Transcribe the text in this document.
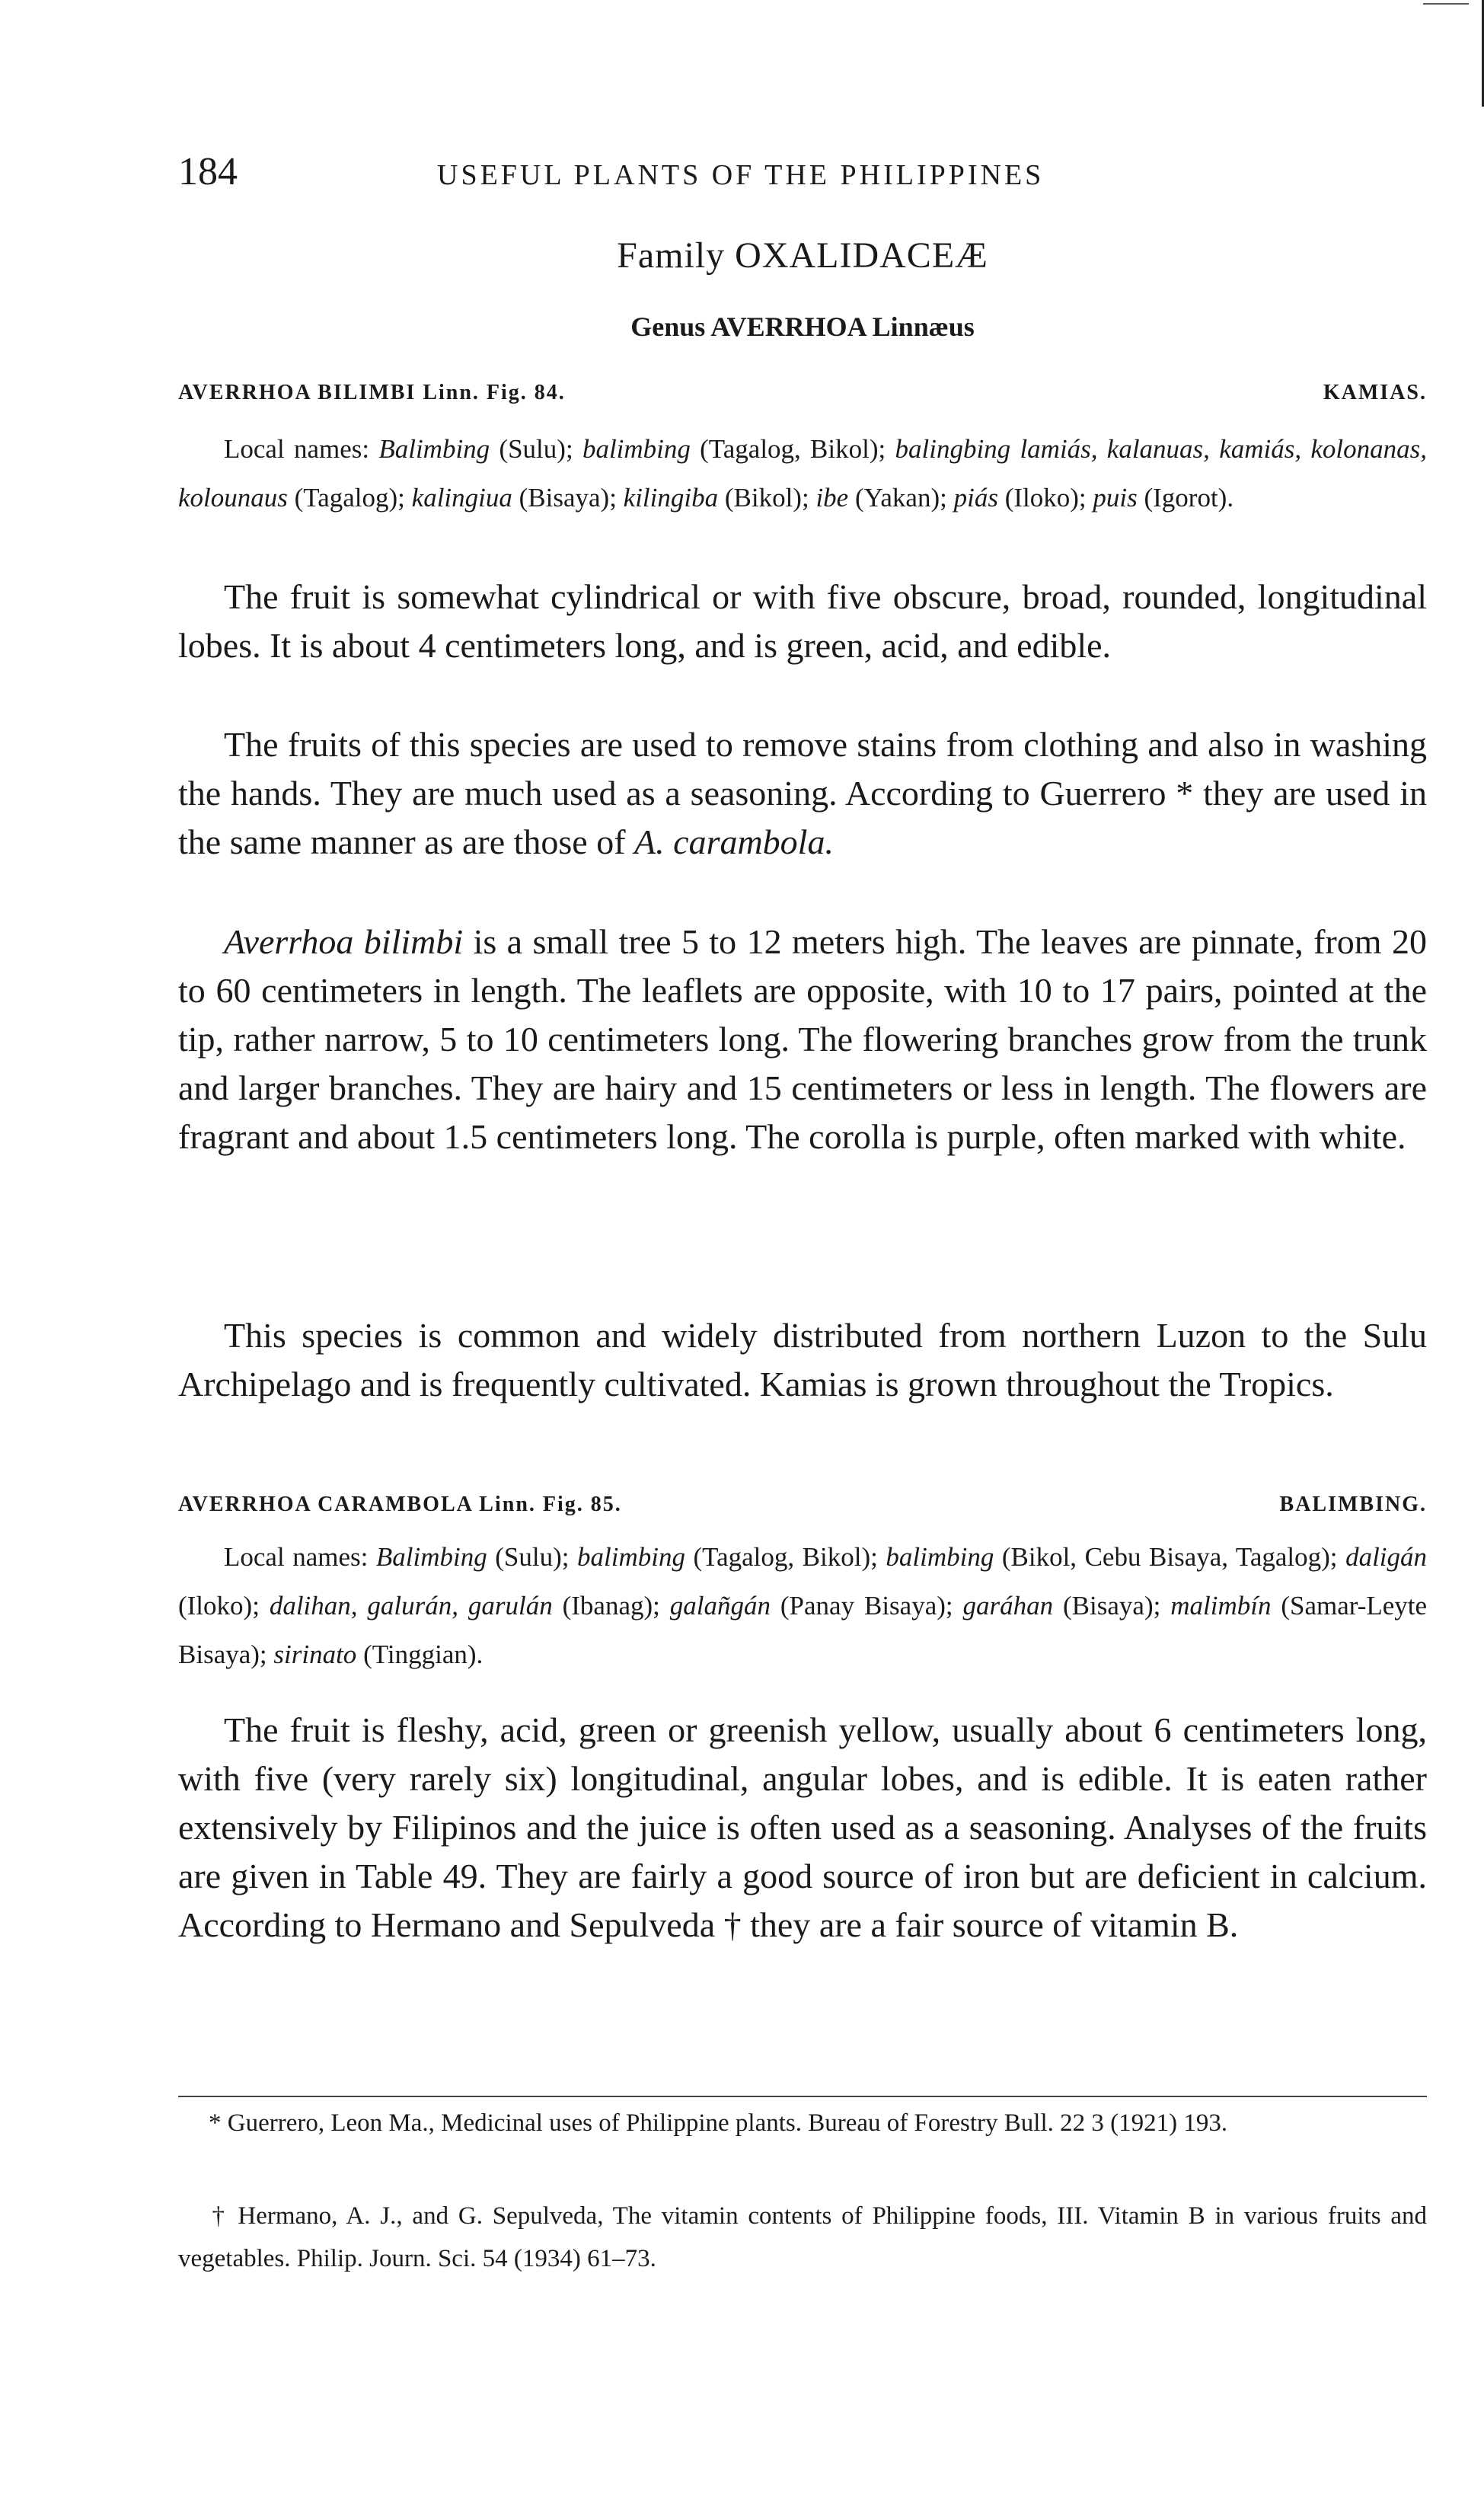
184	USEFUL PLANTS OF THE PHILIPPINES
Family OXALIDACEÆ
Genus AVERRHOA Linnæus
AVERRHOA BILIMBI Linn. Fig. 84.	KAMIAS.
Local names: Balimbing (Sulu); balimbing (Tagalog, Bikol); balingbing lamiás, kalanuas, kamiás, kolonanas, kolounaus (Tagalog); kalingiua (Bisaya); kilingiba (Bikol); ibe (Yakan); piás (Iloko); puis (Igorot).
The fruit is somewhat cylindrical or with five obscure, broad, rounded, longitudinal lobes. It is about 4 centimeters long, and is green, acid, and edible.
The fruits of this species are used to remove stains from clothing and also in washing the hands. They are much used as a seasoning. According to Guerrero * they are used in the same manner as are those of A. carambola.
Averrhoa bilimbi is a small tree 5 to 12 meters high. The leaves are pinnate, from 20 to 60 centimeters in length. The leaflets are opposite, with 10 to 17 pairs, pointed at the tip, rather narrow, 5 to 10 centimeters long. The flowering branches grow from the trunk and larger branches. They are hairy and 15 centimeters or less in length. The flowers are fragrant and about 1.5 centimeters long. The corolla is purple, often marked with white.
This species is common and widely distributed from northern Luzon to the Sulu Archipelago and is frequently cultivated. Kamias is grown throughout the Tropics.
AVERRHOA CARAMBOLA Linn. Fig. 85.	BALIMBING.
Local names: Balimbing (Sulu); balimbing (Tagalog, Bikol); balimbing (Bikol, Cebu Bisaya, Tagalog); daligán (Iloko); dalihan, galurán, garulán (Ibanag); galañgán (Panay Bisaya); garáhan (Bisaya); malimbín (Samar-Leyte Bisaya); sirinato (Tinggian).
The fruit is fleshy, acid, green or greenish yellow, usually about 6 centimeters long, with five (very rarely six) longitudinal, angular lobes, and is edible. It is eaten rather extensively by Filipinos and the juice is often used as a seasoning. Analyses of the fruits are given in Table 49. They are fairly a good source of iron but are deficient in calcium. According to Hermano and Sepulveda † they are a fair source of vitamin B.
* Guerrero, Leon Ma., Medicinal uses of Philippine plants. Bureau of Forestry Bull. 22 3 (1921) 193.
† Hermano, A. J., and G. Sepulveda, The vitamin contents of Philippine foods, III. Vitamin B in various fruits and vegetables. Philip. Journ. Sci. 54 (1934) 61–73.
